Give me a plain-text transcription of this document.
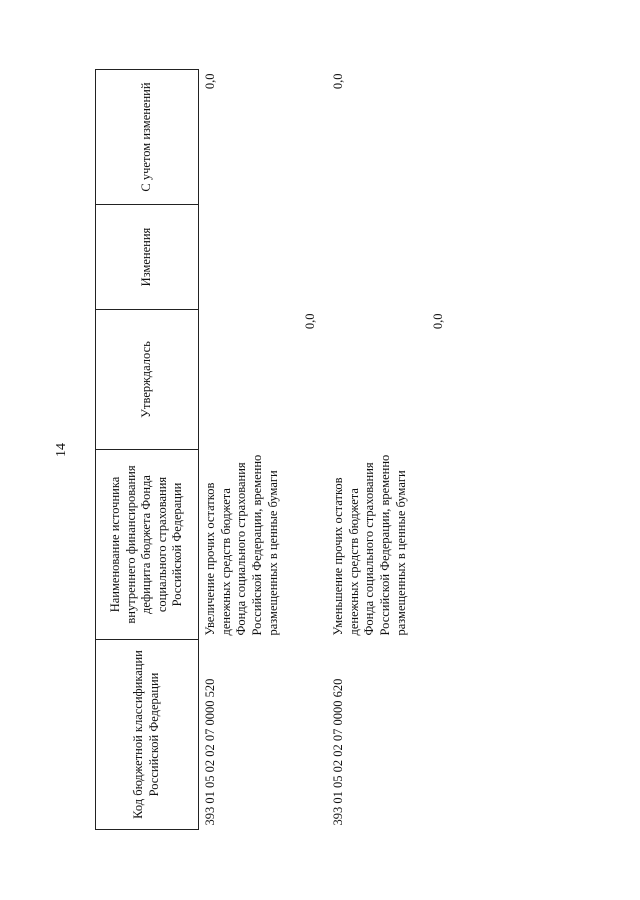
14
Код бюджетной классификации Российской Федерации	Наименование источника внутреннего финансирования дефицита бюджета Фонда социального страхования Российской Федерации	Утверждалось	Изменения	С учетом изменений
393 01 05 02 02 07 0000 520	Увеличение прочих остатков денежных средств бюджета Фонда социального страхования Российской Федерации, временно размещенных в ценные бумаги	0,0		0,0
393 01 05 02 02 07 0000 620	Уменьшение прочих остатков денежных средств бюджета Фонда социального страхования Российской Федерации, временно размещенных в ценные бумаги	0,0		0,0
